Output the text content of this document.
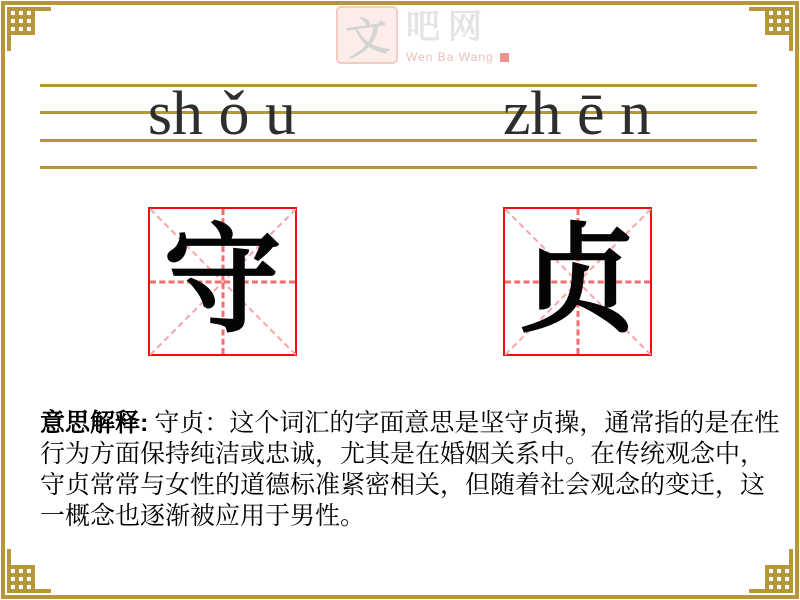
文 吧网
Wen Ba Wang
sh ǒ u	zh ē n
守 贞
意思解释: 守贞：这个词汇的字面意思是坚守贞操，通常指的是在性
行为方面保持纯洁或忠诚，尤其是在婚姻关系中。在传统观念中，
守贞常常与女性的道德标准紧密相关，但随着社会观念的变迁，这
一概念也逐渐被应用于男性。
